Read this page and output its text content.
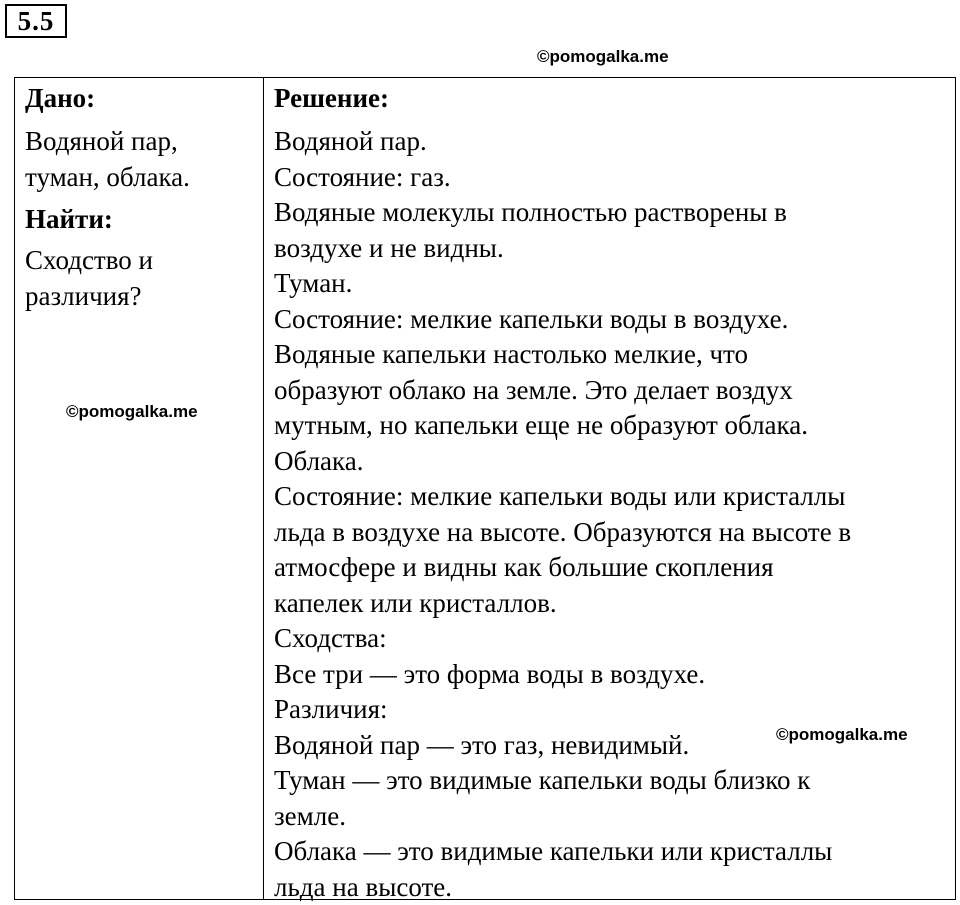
5.5
©pomogalka.me

Дано:

Водяной пар,
туман, облака.

Найти:

Сходство и
различия?

Решение:

Водяной пар.
Состояние: газ.
Водяные молекулы полностью растворены в
воздухе и не видны.
Туман.
Состояние: мелкие капельки воды в воздухе.
Водяные капельки настолько мелкие, что
образуют облако на земле. Это делает воздух
мутным, но капельки еще не образуют облака.
Облака.
Состояние: мелкие капельки воды или кристаллы
льда в воздухе на высоте. Образуются на высоте в
атмосфере и видны как большие скопления
капелек или кристаллов.
Сходства:
Все три — это форма воды в воздухе.
Различия:
Водяной пар — это газ, невидимый.
Туман — это видимые капельки воды близко к
земле.
Облака — это видимые капельки или кристаллы
льда на высоте.
©pomogalka.me
©pomogalka.me
